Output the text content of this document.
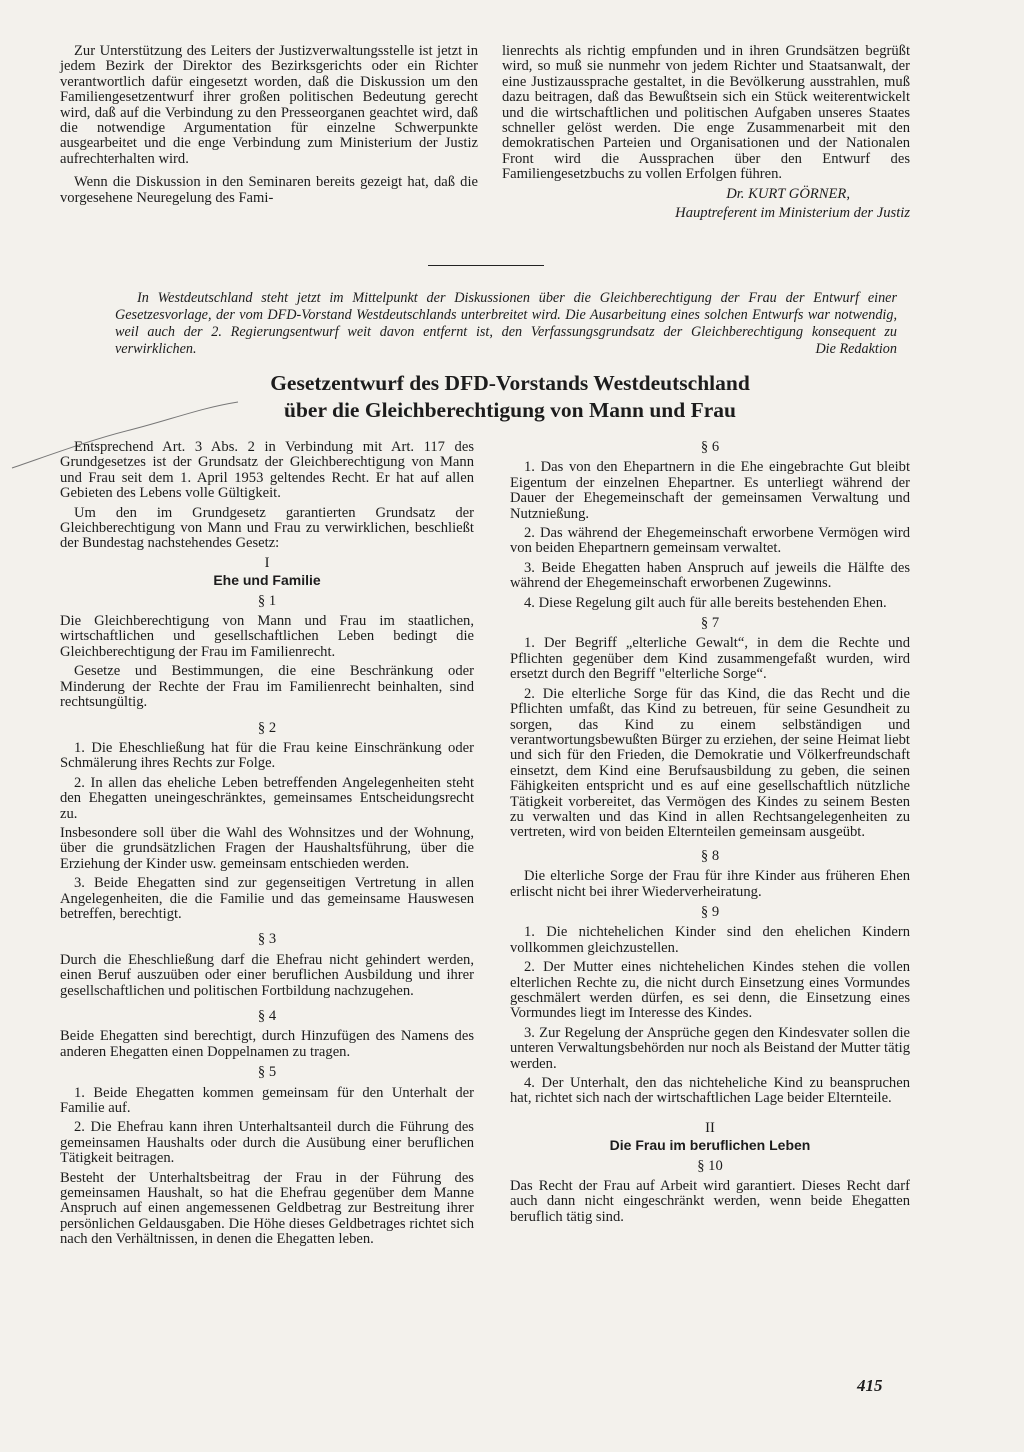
Zur Unterstützung des Leiters der Justizverwaltungsstelle ist jetzt in jedem Bezirk der Direktor des Bezirksgerichts oder ein Richter verantwortlich dafür eingesetzt worden, daß die Diskussion um den Familiengesetzentwurf ihrer großen politischen Bedeutung gerecht wird, daß auf die Verbindung zu den Presseorganen geachtet wird, daß die notwendige Argumentation für einzelne Schwerpunkte ausgearbeitet und die enge Verbindung zum Ministerium der Justiz aufrechterhalten wird.

Wenn die Diskussion in den Seminaren bereits gezeigt hat, daß die vorgesehene Neuregelung des Fami-

lienrechts als richtig empfunden und in ihren Grundsätzen begrüßt wird, so muß sie nunmehr von jedem Richter und Staatsanwalt, der eine Justizaussprache gestaltet, in die Bevölkerung ausstrahlen, muß dazu beitragen, daß das Bewußtsein sich ein Stück weiterentwickelt und die wirtschaftlichen und politischen Aufgaben unseres Staates schneller gelöst werden. Die enge Zusammenarbeit mit den demokratischen Parteien und Organisationen und der Nationalen Front wird die Aussprachen über den Entwurf des Familiengesetzbuchs zu vollen Erfolgen führen.

Dr. KURT GÖRNER,

Hauptreferent im Ministerium der Justiz

In Westdeutschland steht jetzt im Mittelpunkt der Diskussionen über die Gleichberechtigung der Frau der Entwurf einer Gesetzesvorlage, der vom DFD-Vorstand Westdeutschlands unterbreitet wird. Die Ausarbeitung eines solchen Entwurfs war notwendig, weil auch der 2. Regierungsentwurf weit davon entfernt ist, den Verfassungsgrundsatz der Gleichberechtigung konsequent zu verwirklichen.	Die Redaktion
Gesetzentwurf des DFD-Vorstands Westdeutschland
über die Gleichberechtigung von Mann und Frau

Entsprechend Art. 3 Abs. 2 in Verbindung mit Art. 117 des Grundgesetzes ist der Grundsatz der Gleichberechtigung von Mann und Frau seit dem 1. April 1953 geltendes Recht. Er hat auf allen Gebieten des Lebens volle Gültigkeit.

Um den im Grundgesetz garantierten Grundsatz der Gleichberechtigung von Mann und Frau zu verwirklichen, beschließt der Bundestag nachstehendes Gesetz:

I
Ehe und Familie
§ 1

Die Gleichberechtigung von Mann und Frau im staatlichen, wirtschaftlichen und gesellschaftlichen Leben bedingt die Gleichberechtigung der Frau im Familienrecht.

Gesetze und Bestimmungen, die eine Beschränkung oder Minderung der Rechte der Frau im Familienrecht beinhalten, sind rechtsungültig.

§ 2

1. Die Eheschließung hat für die Frau keine Einschränkung oder Schmälerung ihres Rechts zur Folge.

2. In allen das eheliche Leben betreffenden Angelegenheiten steht den Ehegatten uneingeschränktes, gemeinsames Entscheidungsrecht zu.

Insbesondere soll über die Wahl des Wohnsitzes und der Wohnung, über die grundsätzlichen Fragen der Haushaltsführung, über die Erziehung der Kinder usw. gemeinsam entschieden werden.

3. Beide Ehegatten sind zur gegenseitigen Vertretung in allen Angelegenheiten, die die Familie und das gemeinsame Hauswesen betreffen, berechtigt.

§ 3

Durch die Eheschließung darf die Ehefrau nicht gehindert werden, einen Beruf auszuüben oder einer beruflichen Ausbildung und ihrer gesellschaftlichen und politischen Fortbildung nachzugehen.

§ 4

Beide Ehegatten sind berechtigt, durch Hinzufügen des Namens des anderen Ehegatten einen Doppelnamen zu tragen.

§ 5

1. Beide Ehegatten kommen gemeinsam für den Unterhalt der Familie auf.

2. Die Ehefrau kann ihren Unterhaltsanteil durch die Führung des gemeinsamen Haushalts oder durch die Ausübung einer beruflichen Tätigkeit beitragen.

Besteht der Unterhaltsbeitrag der Frau in der Führung des gemeinsamen Haushalt, so hat die Ehefrau gegenüber dem Manne Anspruch auf einen angemessenen Geldbetrag zur Bestreitung ihrer persönlichen Geldausgaben. Die Höhe dieses Geldbetrages richtet sich nach den Verhältnissen, in denen die Ehegatten leben.

§ 6

1. Das von den Ehepartnern in die Ehe eingebrachte Gut bleibt Eigentum der einzelnen Ehepartner. Es unterliegt während der Dauer der Ehegemeinschaft der gemeinsamen Verwaltung und Nutznießung.

2. Das während der Ehegemeinschaft erworbene Vermögen wird von beiden Ehepartnern gemeinsam verwaltet.

3. Beide Ehegatten haben Anspruch auf jeweils die Hälfte des während der Ehegemeinschaft erworbenen Zugewinns.

4. Diese Regelung gilt auch für alle bereits bestehenden Ehen.

§ 7

1. Der Begriff „elterliche Gewalt“, in dem die Rechte und Pflichten gegenüber dem Kind zusammengefaßt wurden, wird ersetzt durch den Begriff "elterliche Sorge“.

2. Die elterliche Sorge für das Kind, die das Recht und die Pflichten umfaßt, das Kind zu betreuen, für seine Gesundheit zu sorgen, das Kind zu einem selbständigen und verantwortungsbewußten Bürger zu erziehen, der seine Heimat liebt und sich für den Frieden, die Demokratie und Völkerfreundschaft einsetzt, dem Kind eine Berufsausbildung zu geben, die seinen Fähigkeiten entspricht und es auf eine gesellschaftlich nützliche Tätigkeit vorbereitet, das Vermögen des Kindes zu seinem Besten zu verwalten und das Kind in allen Rechtsangelegenheiten zu vertreten, wird von beiden Elternteilen gemeinsam ausgeübt.

§ 8

Die elterliche Sorge der Frau für ihre Kinder aus früheren Ehen erlischt nicht bei ihrer Wiederverheiratung.

§ 9

1. Die nichtehelichen Kinder sind den ehelichen Kindern vollkommen gleichzustellen.

2. Der Mutter eines nichtehelichen Kindes stehen die vollen elterlichen Rechte zu, die nicht durch Einsetzung eines Vormundes geschmälert werden dürfen, es sei denn, die Einsetzung eines Vormundes liegt im Interesse des Kindes.

3. Zur Regelung der Ansprüche gegen den Kindesvater sollen die unteren Verwaltungsbehörden nur noch als Beistand der Mutter tätig werden.

4. Der Unterhalt, den das nichteheliche Kind zu beanspruchen hat, richtet sich nach der wirtschaftlichen Lage beider Elternteile.

II
Die Frau im beruflichen Leben
§ 10

Das Recht der Frau auf Arbeit wird garantiert. Dieses Recht darf auch dann nicht eingeschränkt werden, wenn beide Ehegatten beruflich tätig sind.

415
